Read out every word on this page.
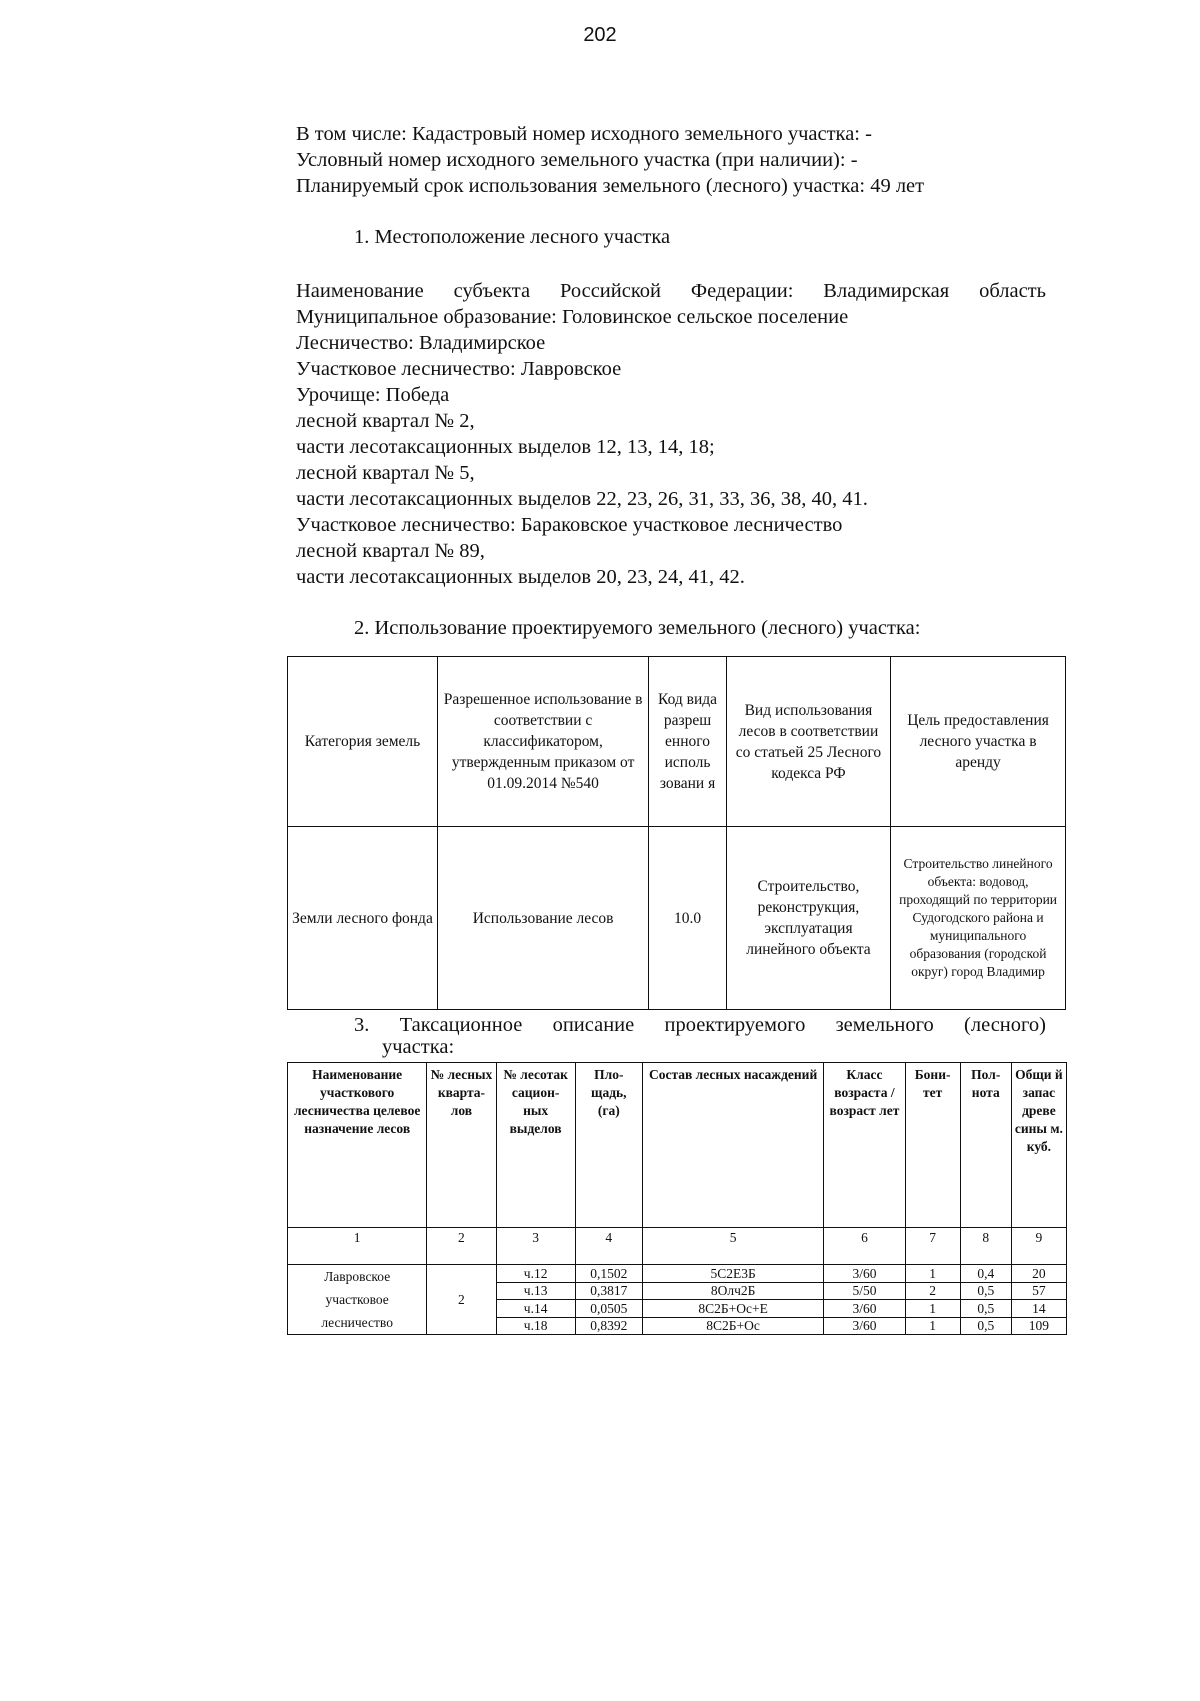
202
В том числе: Кадастровый номер исходного земельного участка: -
Условный номер исходного земельного участка (при наличии): -
Планируемый срок использования земельного (лесного) участка: 49 лет
1. Местоположение лесного участка
Наименование субъекта Российской Федерации: Владимирская область
Муниципальное образование: Головинское сельское поселение
Лесничество: Владимирское
Участковое лесничество: Лавровское
Урочище: Победа
лесной квартал № 2,
части лесотаксационных выделов 12, 13, 14, 18;
лесной квартал № 5,
части лесотаксационных выделов 22, 23, 26, 31, 33, 36, 38, 40, 41.
Участковое лесничество: Бараковское участковое лесничество
лесной квартал № 89,
части лесотаксационных выделов 20, 23, 24, 41, 42.
2. Использование проектируемого земельного (лесного) участка:
Категория земель	Разрешенное использование в соответствии с классификатором, утвержденным приказом от 01.09.2014 №540	Код вида разреш енного исполь зовани я	Вид использования лесов в соответствии со статьей 25 Лесного кодекса РФ	Цель предоставления лесного участка в аренду
Земли лесного фонда	Использование лесов	10.0	Строительство, реконструкция, эксплуатация линейного объекта	Строительство линейного объекта: водовод, проходящий по территории Судогодского района и муниципального образования (городской округ) город Владимир
3. Таксационное описание проектируемого земельного (лесного)
участка:
Наименование участкового лесничества целевое назначение лесов	№ лесных кварта-лов	№ лесотак сацион-ных выделов	Пло-щадь, (га)	Состав лесных насаждений	Класс возраста /возраст лет	Бони-тет	Пол-нота	Общи й запас древе сины м. куб.
1	2	3	4	5	6	7	8	9
Лавровское участковое лесничество	2	ч.12	0,1502	5С2Е3Б	3/60	1	0,4	20
		ч.13	0,3817	8Олч2Б	5/50	2	0,5	57
		ч.14	0,0505	8С2Б+Ос+Е	3/60	1	0,5	14
		ч.18	0,8392	8С2Б+Ос	3/60	1	0,5	109
